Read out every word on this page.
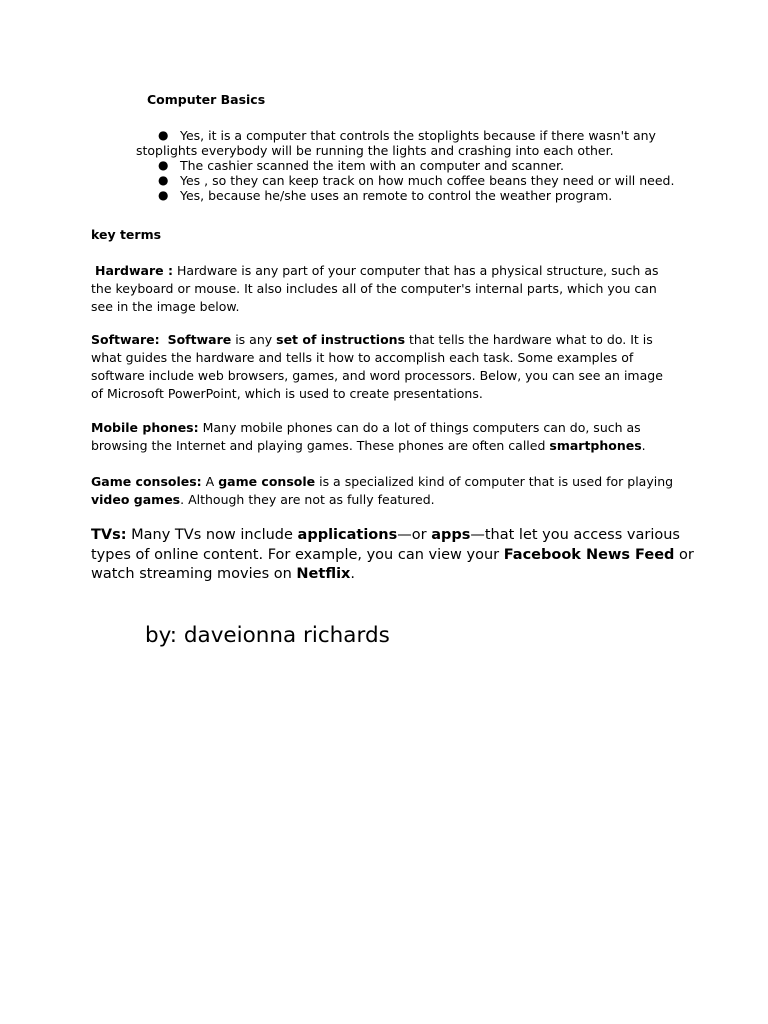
Computer Basics
● Yes, it is a computer that controls the stoplights because if there wasn't any
stoplights everybody will be running the lights and crashing into each other.
● The cashier scanned the item with an computer and scanner.
● Yes , so they can keep track on how much coffee beans they need or will need.
● Yes, because he/she uses an remote to control the weather program.
key terms
Hardware : Hardware is any part of your computer that has a physical structure, such as
the keyboard or mouse. It also includes all of the computer's internal parts, which you can
see in the image below.
Software: Software is any set of instructions that tells the hardware what to do. It is
what guides the hardware and tells it how to accomplish each task. Some examples of
software include web browsers, games, and word processors. Below, you can see an image
of Microsoft PowerPoint, which is used to create presentations.
Mobile phones: Many mobile phones can do a lot of things computers can do, such as
browsing the Internet and playing games. These phones are often called smartphones.
Game consoles: A game console is a specialized kind of computer that is used for playing
video games. Although they are not as fully featured.
TVs: Many TVs now include applications—or apps—that let you access various
types of online content. For example, you can view your Facebook News Feed or
watch streaming movies on Netflix.
by: daveionna richards
